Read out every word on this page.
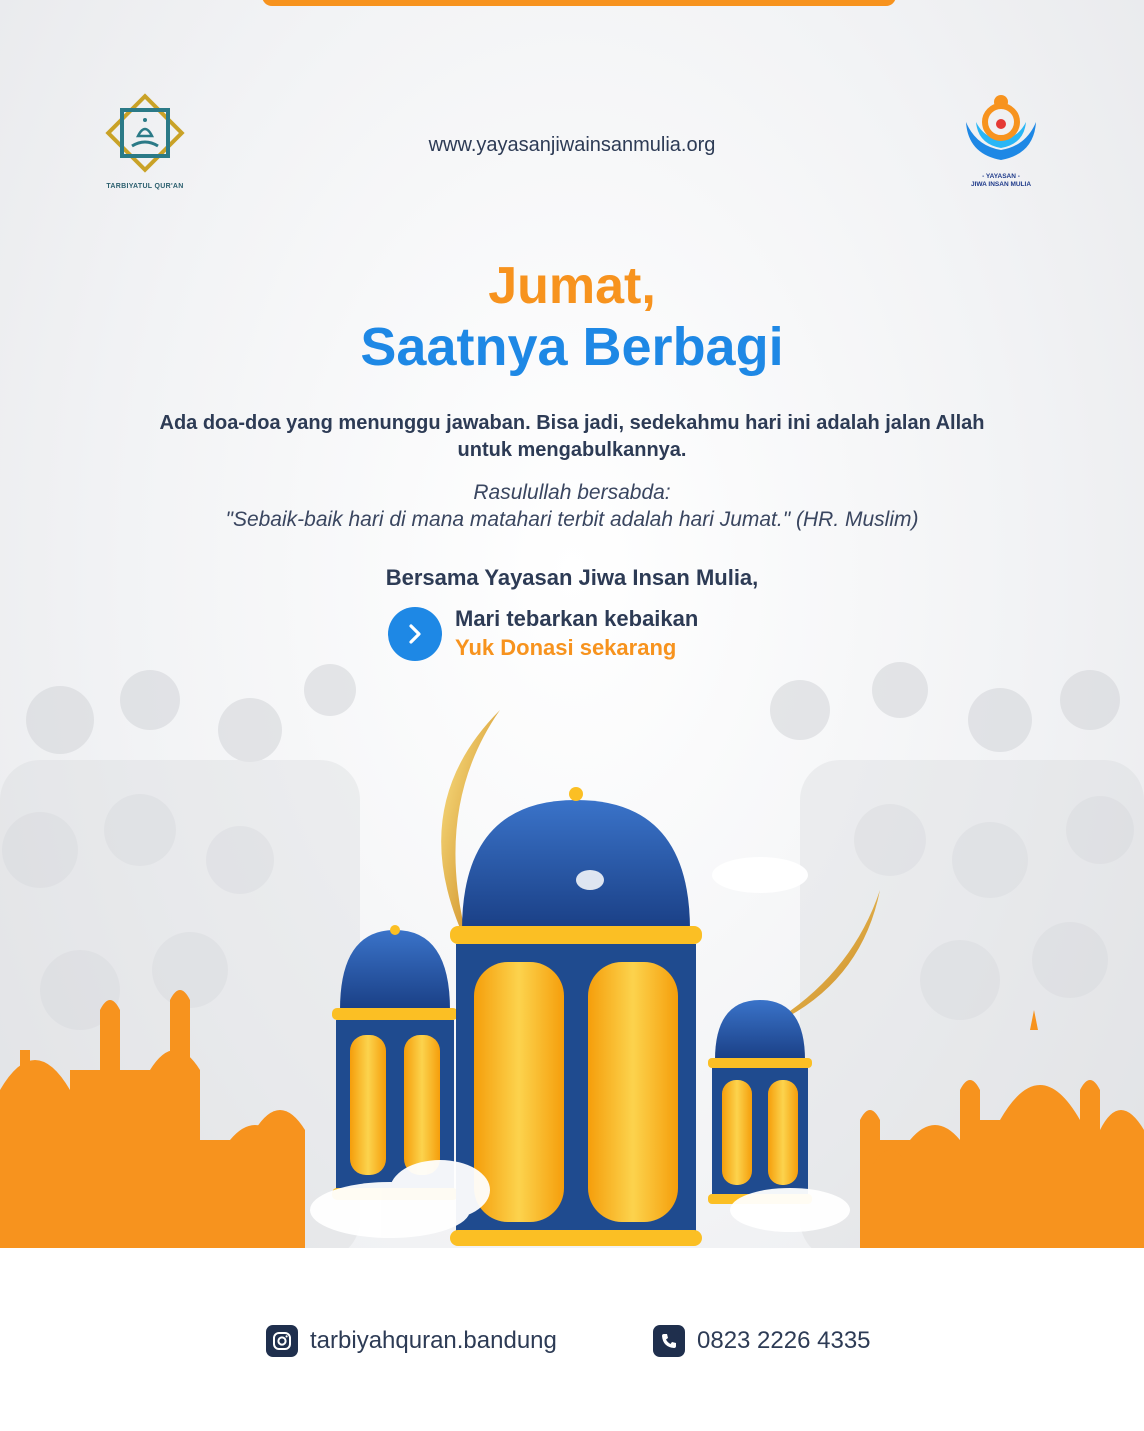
TARBIYATUL QUR'AN
www.yayasanjiwainsanmulia.org
- YAYASAN -
JIWA INSAN MULIA
Jumat,
Saatnya Berbagi
Ada doa-doa yang menunggu jawaban. Bisa jadi, sedekahmu hari ini adalah jalan Allah untuk mengabulkannya.
Rasulullah bersabda:
"Sebaik-baik hari di mana matahari terbit adalah hari Jumat." (HR. Muslim)
Bersama Yayasan Jiwa Insan Mulia,
Mari tebarkan kebaikan
Yuk Donasi sekarang
tarbiyahquran.bandung	0823 2226 4335
